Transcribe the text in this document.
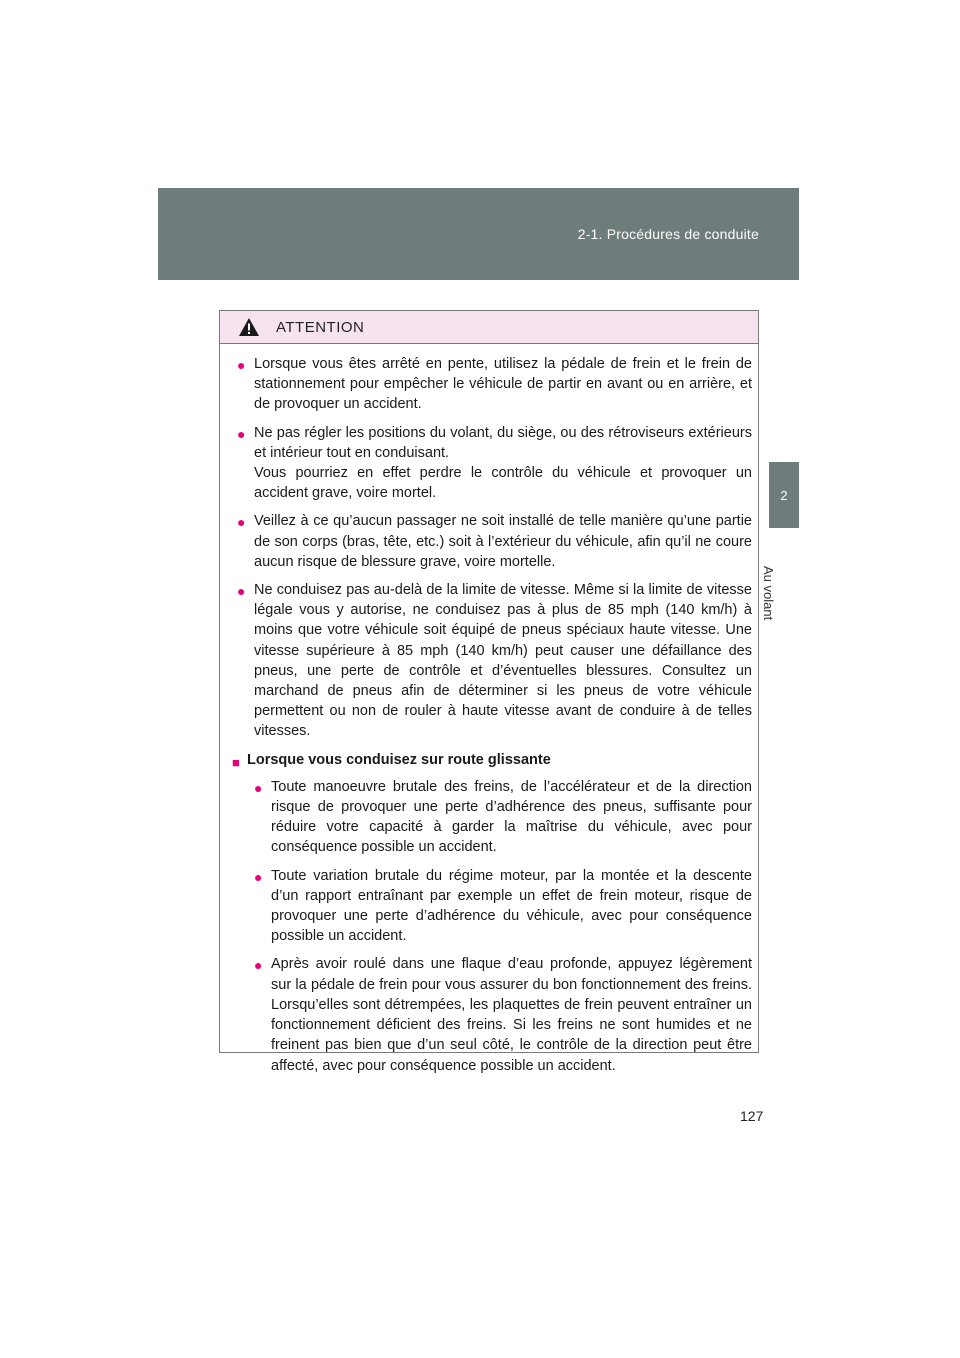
2-1. Procédures de conduite
2
Au volant
ATTENTION
● Lorsque vous êtes arrêté en pente, utilisez la pédale de frein et le frein de stationnement pour empêcher le véhicule de partir en avant ou en arrière, et de provoquer un accident.

● Ne pas régler les positions du volant, du siège, ou des rétroviseurs extérieurs et intérieur tout en conduisant.

Vous pourriez en effet perdre le contrôle du véhicule et provoquer un accident grave, voire mortel.

● Veillez à ce qu’aucun passager ne soit installé de telle manière qu’une partie de son corps (bras, tête, etc.) soit à l’extérieur du véhicule, afin qu’il ne coure aucun risque de blessure grave, voire mortelle.

● Ne conduisez pas au-delà de la limite de vitesse. Même si la limite de vitesse légale vous y autorise, ne conduisez pas à plus de 85 mph (140 km/h) à moins que votre véhicule soit équipé de pneus spéciaux haute vitesse. Une vitesse supérieure à 85 mph (140 km/h) peut causer une défaillance des pneus, une perte de contrôle et d’éventuelles blessures. Consultez un marchand de pneus afin de déterminer si les pneus de votre véhicule permettent ou non de rouler à haute vitesse avant de conduire à de telles vitesses.

■ Lorsque vous conduisez sur route glissante
● Toute manoeuvre brutale des freins, de l’accélérateur et de la direction risque de provoquer une perte d’adhérence des pneus, suffisante pour réduire votre capacité à garder la maîtrise du véhicule, avec pour conséquence possible un accident.

● Toute variation brutale du régime moteur, par la montée et la descente d’un rapport entraînant par exemple un effet de frein moteur, risque de provoquer une perte d’adhérence du véhicule, avec pour conséquence possible un accident.

● Après avoir roulé dans une flaque d’eau profonde, appuyez légèrement sur la pédale de frein pour vous assurer du bon fonctionnement des freins. Lorsqu’elles sont détrempées, les plaquettes de frein peuvent entraîner un fonctionnement déficient des freins. Si les freins ne sont humides et ne freinent pas bien que d’un seul côté, le contrôle de la direction peut être affecté, avec pour conséquence possible un accident.

127
